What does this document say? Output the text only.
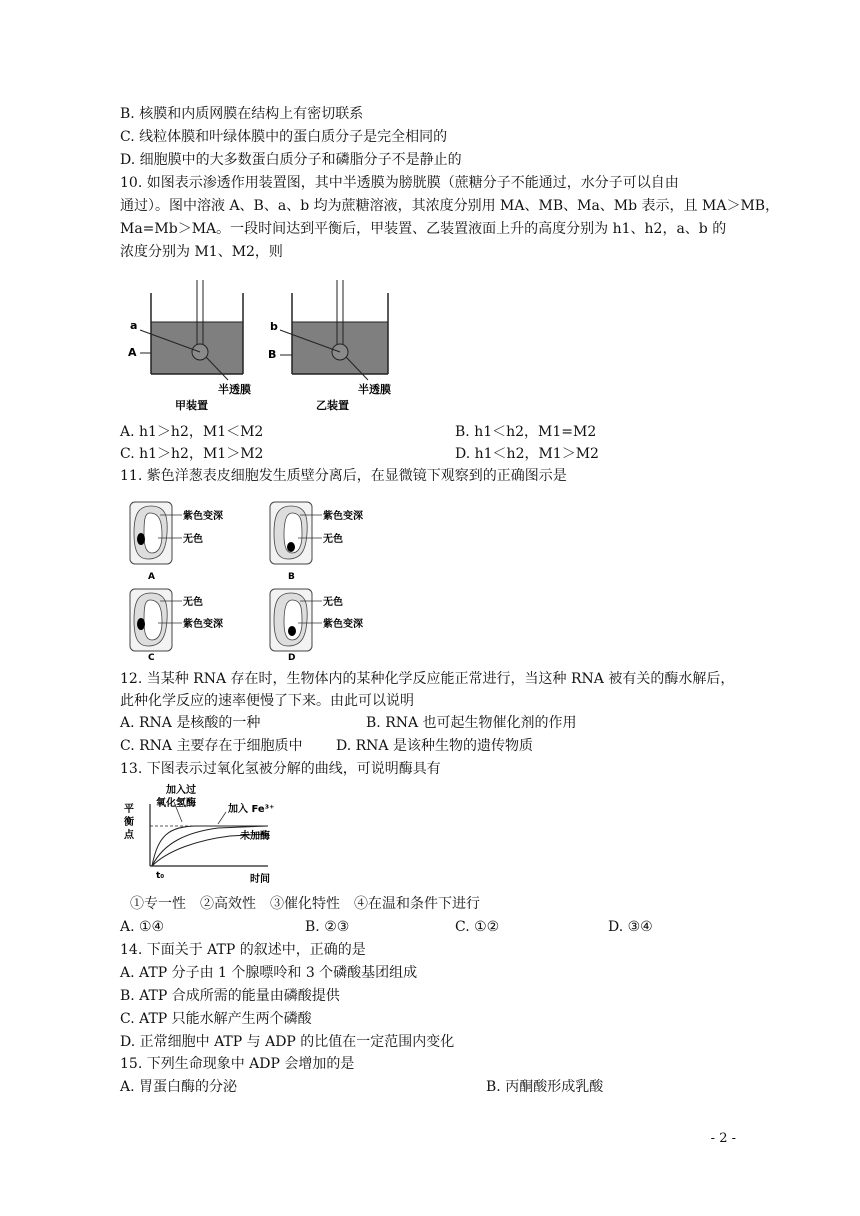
B. 核膜和内质网膜在结构上有密切联系
C. 线粒体膜和叶绿体膜中的蛋白质分子是完全相同的
D. 细胞膜中的大多数蛋白质分子和磷脂分子不是静止的
10. 如图表示渗透作用装置图，其中半透膜为膀胱膜（蔗糖分子不能通过，水分子可以自由
通过）。图中溶液 A、B、a、b 均为蔗糖溶液，其浓度分别用 MA、MB、Ma、Mb 表示，且 MA＞MB，
Ma=Mb＞MA。一段时间达到平衡后，甲装置、乙装置液面上升的高度分别为 h1、h2，a、b 的
浓度分别为 M1、M2，则
a
A
半透膜
甲装置
b
B
半透膜
乙装置
A. h1＞h2，M1＜M2	B. h1＜h2，M1=M2
C. h1＞h2，M1＞M2	D. h1＜h2，M1＞M2
11. 紫色洋葱表皮细胞发生质壁分离后，在显微镜下观察到的正确图示是
紫色变深
无色
A
紫色变深
无色
B
无色
紫色变深
C
无色
紫色变深
D
12. 当某种 RNA 存在时，生物体内的某种化学反应能正常进行，当这种 RNA 被有关的酶水解后，
此种化学反应的速率便慢了下来。由此可以说明
A. RNA 是核酸的一种	B. RNA 也可起生物催化剂的作用
C. RNA 主要存在于细胞质中 D. RNA 是该种生物的遗传物质
13. 下图表示过氧化氢被分解的曲线，可说明酶具有
平
衡
点
加入过
氧化氢酶
加入 Fe³⁺
未加酶
t₀	时间
①专一性　②高效性　③催化特性　④在温和条件下进行
A. ①④	B. ②③	C. ①②	D. ③④
14. 下面关于 ATP 的叙述中，正确的是
A. ATP 分子由 1 个腺嘌呤和 3 个磷酸基团组成
B. ATP 合成所需的能量由磷酸提供
C. ATP 只能水解产生两个磷酸
D. 正常细胞中 ATP 与 ADP 的比值在一定范围内变化
15. 下列生命现象中 ADP 会增加的是
A. 胃蛋白酶的分泌	B. 丙酮酸形成乳酸
- 2 -
